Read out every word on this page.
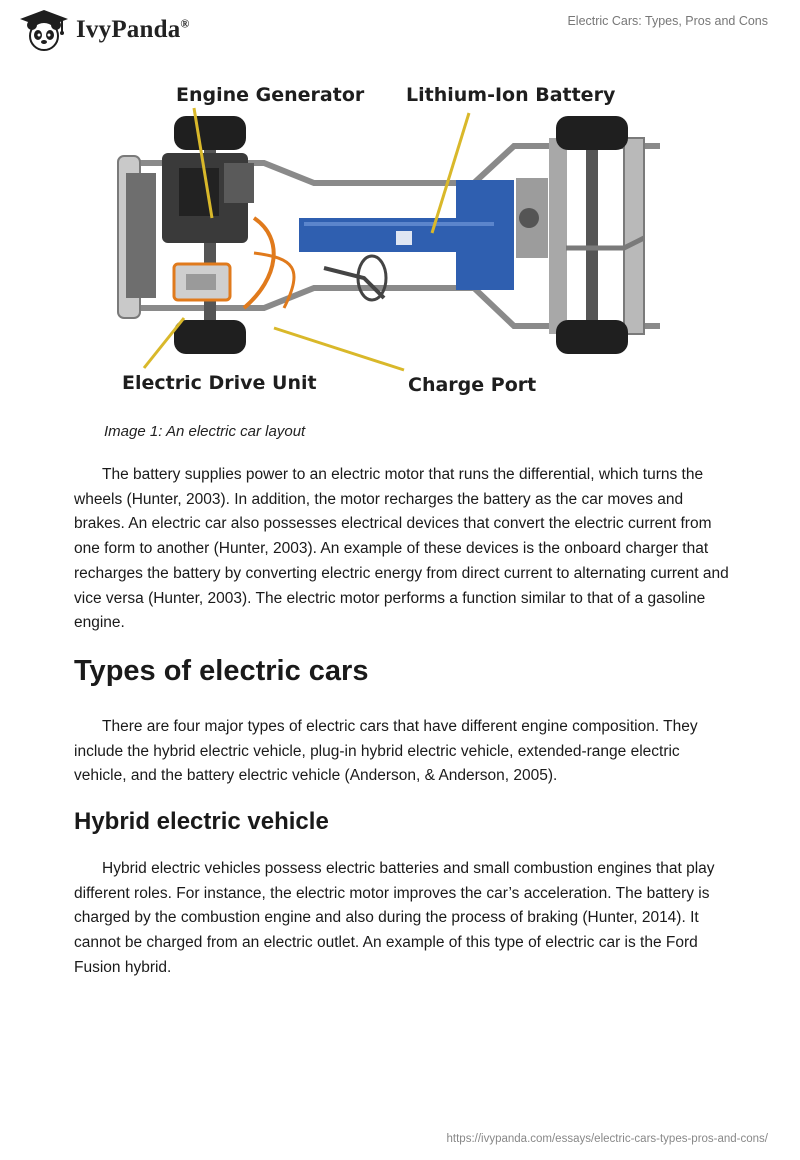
IvyPanda®	Electric Cars: Types, Pros and Cons
Engine Generator Lithium-Ion Battery
Electric Drive Unit	Charge Port
Image 1: An electric car layout

The battery supplies power to an electric motor that runs the differential, which turns the wheels (Hunter, 2003). In addition, the motor recharges the battery as the car moves and brakes. An electric car also possesses electrical devices that convert the electric current from one form to another (Hunter, 2003). An example of these devices is the onboard charger that recharges the battery by converting electric energy from direct current to alternating current and vice versa (Hunter, 2003). The electric motor performs a function similar to that of a gasoline engine.

Types of electric cars

There are four major types of electric cars that have different engine composition. They include the hybrid electric vehicle, plug-in hybrid electric vehicle, extended-range electric vehicle, and the battery electric vehicle (Anderson, & Anderson, 2005).

Hybrid electric vehicle

Hybrid electric vehicles possess electric batteries and small combustion engines that play different roles. For instance, the electric motor improves the car’s acceleration. The battery is charged by the combustion engine and also during the process of braking (Hunter, 2014). It cannot be charged from an electric outlet. An example of this type of electric car is the Ford Fusion hybrid.

https://ivypanda.com/essays/electric-cars-types-pros-and-cons/
